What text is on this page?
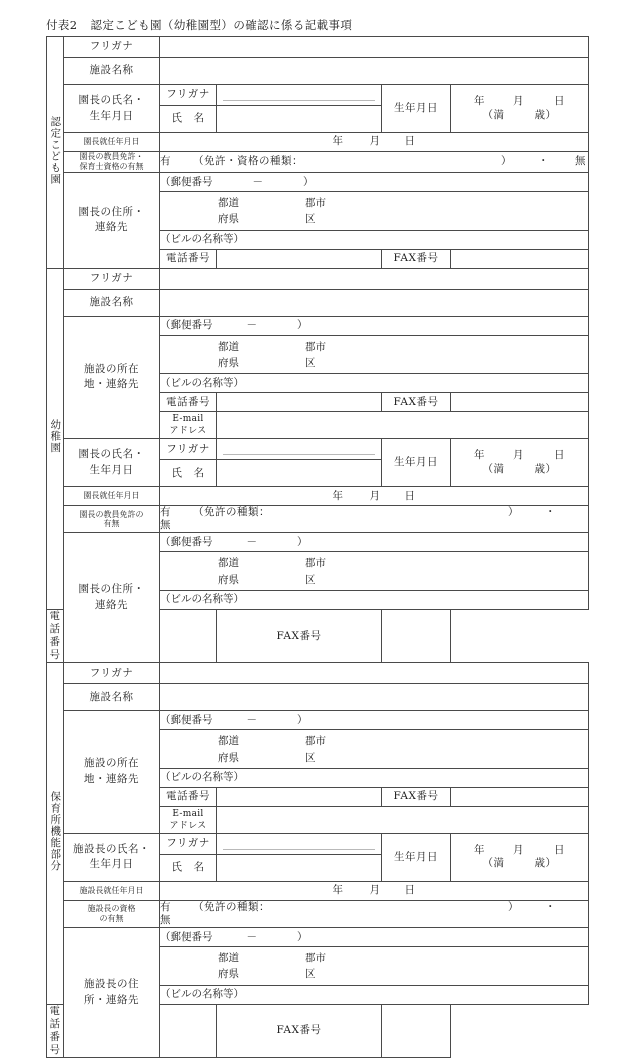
付表2 認定こども園（幼稚園型）の確認に係る記載事項
認定こども園	フリガナ				
	施設名称				
	園長の氏名・
生年月日	フリガナ		生年月日	年 月 日
（満 歳）
		氏　名			
	園長就任年月日	年 月 日			
	園長の教員免許・
保育士資格の有無	有 （免許・資格の種類： ） ・ 無			
	園長の住所・
連絡先	（郵便番号 － ）			

		都道 郡市
府県 区			

		（ビルの名称等）			
		電話番号		FAX番号	
幼稚園	フリガナ				
	施設名称				
	施設の所在
地・連絡先	（郵便番号 － ）			

		都道 郡市
府県 区			

		（ビルの名称等）			
		電話番号		FAX番号	
		E-mail
アドレス			
	園長の氏名・
生年月日	フリガナ		生年月日	年 月 日
（満 歳）
		氏　名			
	園長就任年月日	年 月 日			
	園長の教員免許の
有無	有 （免許の種類： ） ・無			
	園長の住所・
連絡先	（郵便番号 － ）			

		都道 郡市
府県 区			

		（ビルの名称等）			
電話番号			FAX番号		
保育所機能部分	フリガナ				
	施設名称				
	施設の所在
地・連絡先	（郵便番号 － ）			

		都道 郡市
府県 区			

		（ビルの名称等）			
		電話番号		FAX番号	
		E-mail
アドレス			
	施設長の氏名・
生年月日	フリガナ		生年月日	年 月 日
（満 歳）
		氏　名			
	施設長就任年月日	年 月 日			
	施設長の資格
の有無	有 （免許の種類： ） ・無			
	施設長の住
所・連絡先	（郵便番号 － ）			

		都道 郡市
府県 区			

		（ビルの名称等）			
電話番号			FAX番号		
